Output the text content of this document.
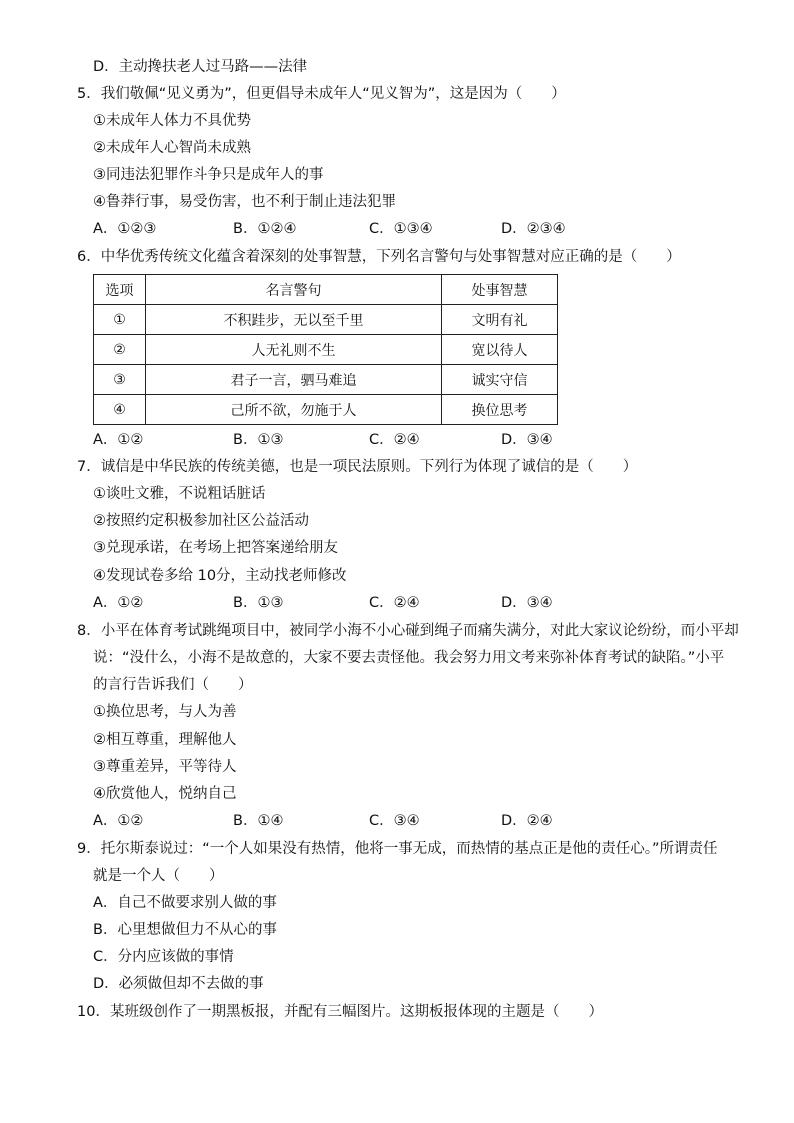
D．主动搀扶老人过马路——法律
5．我们敬佩“见义勇为”，但更倡导未成年人“见义智为”，这是因为（　　）
①未成年人体力不具优势
②未成年人心智尚未成熟
③同违法犯罪作斗争只是成年人的事
④鲁莽行事，易受伤害，也不利于制止违法犯罪
A．①②③	B．①②④	C．①③④	D．②③④
6．中华优秀传统文化蕴含着深刻的处事智慧，下列名言警句与处事智慧对应正确的是（　　）
选项	名言警句	处事智慧
①	不积跬步，无以至千里	文明有礼
②	人无礼则不生	宽以待人
③	君子一言，驷马难追	诚实守信
④	己所不欲，勿施于人	换位思考
A．①②	B．①③	C．②④	D．③④
7．诚信是中华民族的传统美德，也是一项民法原则。下列行为体现了诚信的是（　　）
①谈吐文雅，不说粗话脏话
②按照约定积极参加社区公益活动
③兑现承诺，在考场上把答案递给朋友
④发现试卷多给 10分，主动找老师修改
A．①②	B．①③	C．②④	D．③④
8．小平在体育考试跳绳项目中，被同学小海不小心碰到绳子而痛失满分，对此大家议论纷纷，而小平却
说：“没什么，小海不是故意的，大家不要去责怪他。我会努力用文考来弥补体育考试的缺陷。”小平
的言行告诉我们（　　）
①换位思考，与人为善
②相互尊重，理解他人
③尊重差异，平等待人
④欣赏他人，悦纳自己
A．①②	B．①④	C．③④	D．②④
9．托尔斯泰说过：“一个人如果没有热情，他将一事无成，而热情的基点正是他的责任心。”所谓责任
就是一个人（　　）
A．自己不做要求别人做的事
B．心里想做但力不从心的事
C．分内应该做的事情
D．必须做但却不去做的事
10．某班级创作了一期黑板报，并配有三幅图片。这期板报体现的主题是（　　）
